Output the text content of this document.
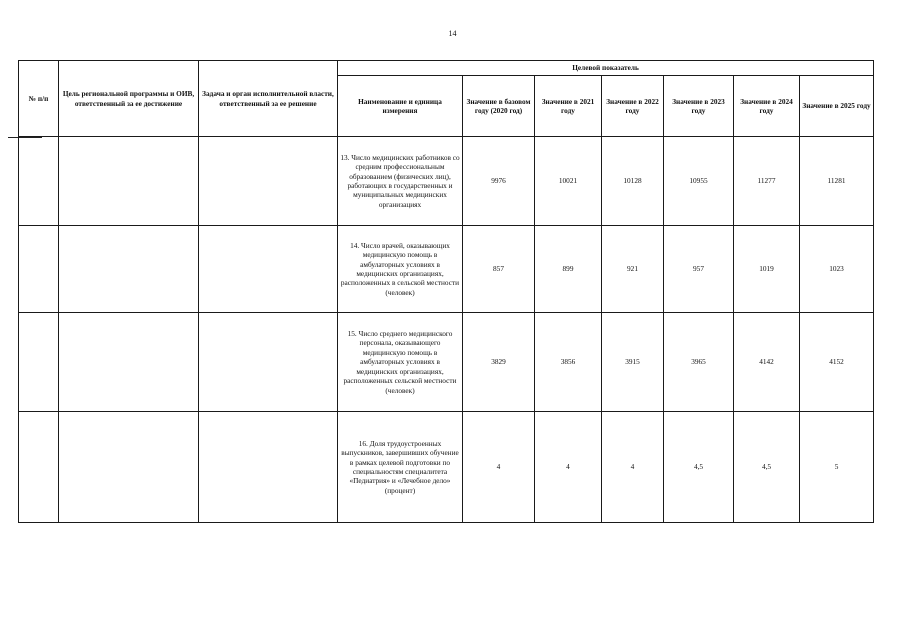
14
№ п/п	Цель региональной программы и ОИВ, ответственный за ее достижение	Задача и орган исполнительной власти, ответственный за ее решение	Целевой показатель						
			Наименование и единица измерения	Значение в базовом году (2020 год)	Значение в 2021 году	Значение в 2022 году	Значение в 2023 году	Значение в 2024 году	Значение в 2025 году
			13. Число медицинских работников со средним профессиональным образованием (физических лиц), работающих в государственных и муниципальных медицинских организациях	9976	10021	10128	10955	11277	11281
			14. Число врачей, оказывающих медицинскую помощь в амбулаторных условиях в медицинских организациях, расположенных в сельской местности (человек)	857	899	921	957	1019	1023
			15. Число среднего медицинского персонала, оказывающего медицинскую помощь в амбулаторных условиях в медицинских организациях, расположенных сельской местности (человек)	3829	3856	3915	3965	4142	4152
			16. Доля трудоустроенных выпускников, завершивших обучение в рамках целевой подготовки по специальностям специалитета «Педиатрия» и «Лечебное дело» (процент)	4	4	4	4,5	4,5	5
